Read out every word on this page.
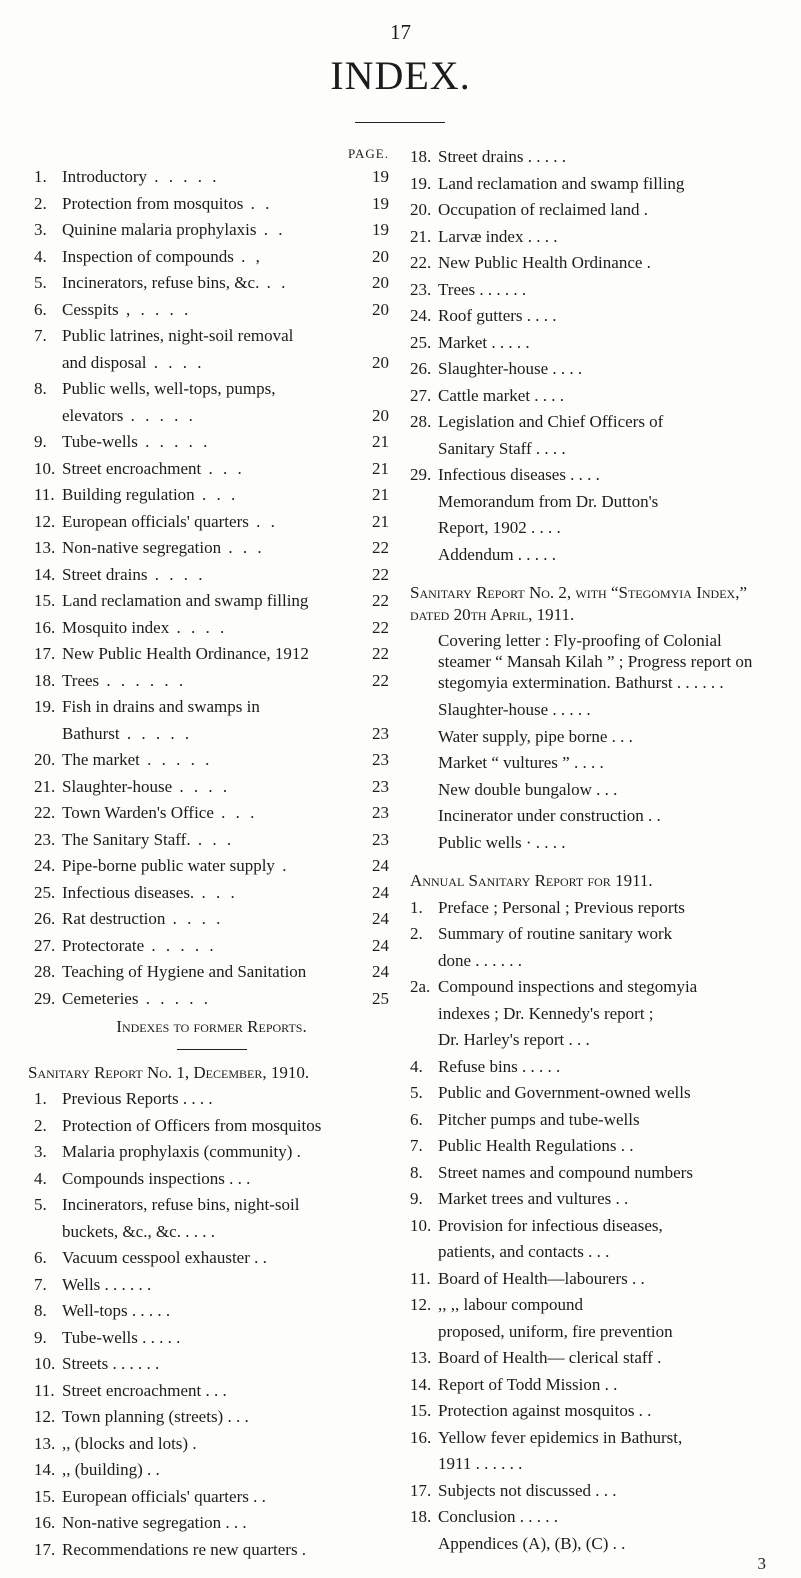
17
INDEX.
PAGE.
1. Introductory . . . . .	19
2. Protection from mosquitos . .	19
3. Quinine malaria prophylaxis . .	19
4. Inspection of compounds . ,	20
5. Incinerators, refuse bins, &c. . .	20
6. Cesspits , . . . .	20
7. Public latrines, night-soil removal
and disposal . . . .	20
8. Public wells, well-tops, pumps,
elevators . . . . .	20
9. Tube-wells . . . . .	21
10. Street encroachment . . .	21
11. Building regulation . . .	21
12. European officials' quarters . .	21
13. Non-native segregation . . .	22
14. Street drains . . . .	22
15. Land reclamation and swamp filling	22
16. Mosquito index . . . .	22
17. New Public Health Ordinance, 1912	22
18. Trees . . . . . .	22
19. Fish in drains and swamps in
Bathurst . . . . .	23
20. The market . . . . .	23
21. Slaughter-house . . . .	23
22. Town Warden's Office . . .	23
23. The Sanitary Staff. . . .	23
24. Pipe-borne public water supply .	24
25. Infectious diseases. . . .	24
26. Rat destruction . . . .	24
27. Protectorate . . . . .	24
28. Teaching of Hygiene and Sanitation	24
29. Cemeteries . . . . .	25
Indexes to former Reports.
Sanitary Report No. 1, December, 1910.
1. Previous Reports . . . .
2. Protection of Officers from mosquitos
3. Malaria prophylaxis (community) .
4. Compounds inspections . . .
5. Incinerators, refuse bins, night-soil
buckets, &c., &c. . . . .
6. Vacuum cesspool exhauster . .
7. Wells . . . . . .
8. Well-tops . . . . .
9. Tube-wells . . . . .
10. Streets . . . . . .
11. Street encroachment . . .
12. Town planning (streets) . . .
13. ,, (blocks and lots) .
14. ,, (building) . .
15. European officials' quarters . .
16. Non-native segregation . . .
17. Recommendations re new quarters .
18. Street drains . . . . .
19. Land reclamation and swamp filling
20. Occupation of reclaimed land .
21. Larvæ index . . . .
22. New Public Health Ordinance .
23. Trees . . . . . .
24. Roof gutters . . . .
25. Market . . . . .
26. Slaughter-house . . . .
27. Cattle market . . . .
28. Legislation and Chief Officers of
Sanitary Staff . . . .
29. Infectious diseases . . . .
Memorandum from Dr. Dutton's
Report, 1902 . . . .
Addendum . . . . .
Sanitary Report No. 2, with “Stegomyia Index,” dated 20th April, 1911.
Covering letter : Fly-proofing of Colonial steamer “ Mansah Kilah ” ; Progress report on stegomyia extermination. Bathurst . . . . . .
Slaughter-house . . . . .
Water supply, pipe borne . . .
Market “ vultures ” . . . .
New double bungalow . . .
Incinerator under construction . .
Public wells · . . . .
Annual Sanitary Report for 1911.
1. Preface ; Personal ; Previous reports
2. Summary of routine sanitary work
done . . . . . .
2a. Compound inspections and stegomyia
indexes ; Dr. Kennedy's report ;
Dr. Harley's report . . .
4. Refuse bins . . . . .
5. Public and Government-owned wells
6. Pitcher pumps and tube-wells
7. Public Health Regulations . .
8. Street names and compound numbers
9. Market trees and vultures . .
10. Provision for infectious diseases,
patients, and contacts . . .
11. Board of Health—labourers . .
12. ,, ,, labour compound
proposed, uniform, fire prevention
13. Board of Health— clerical staff .
14. Report of Todd Mission . .
15. Protection against mosquitos . .
16. Yellow fever epidemics in Bathurst,
1911 . . . . . .
17. Subjects not discussed . . .
18. Conclusion . . . . .
Appendices (A), (B), (C) . .
3
